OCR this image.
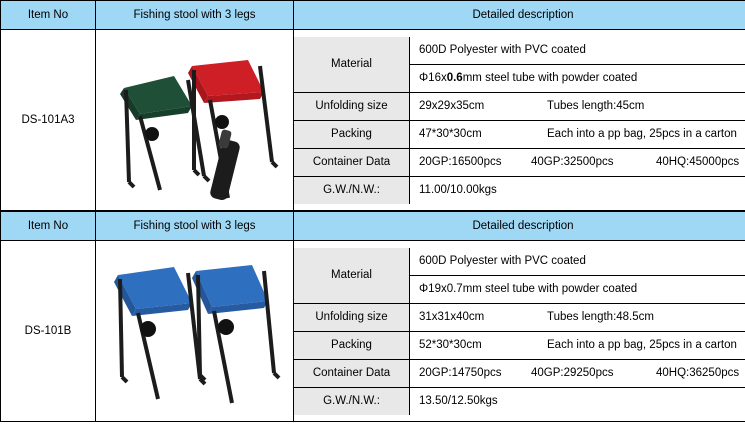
Item No	Fishing stool with 3 legs	Detailed description
DS-101A3	

Material	600D Polyester with PVC coated
Φ16x0.6mm steel tube with powder coated
Unfolding size	29x29x35cm	Tubes length:45cm

Packing	47*30*30cm	Each into a pp bag, 25pcs in a carton

Container Data	20GP:16500pcs	40GP:32500pcs	40HQ:45000pcs

G.W./N.W.:	11.00/10.00kgs
Item No	Fishing stool with 3 legs	Detailed description
DS-101B	

Material	600D Polyester with PVC coated
Φ19x0.7mm steel tube with powder coated
Unfolding size	31x31x40cm	Tubes length:48.5cm

Packing	52*30*30cm	Each into a pp bag, 25pcs in a carton

Container Data	20GP:14750pcs	40GP:29250pcs	40HQ:36250pcs

G.W./N.W.:	13.50/12.50kgs
